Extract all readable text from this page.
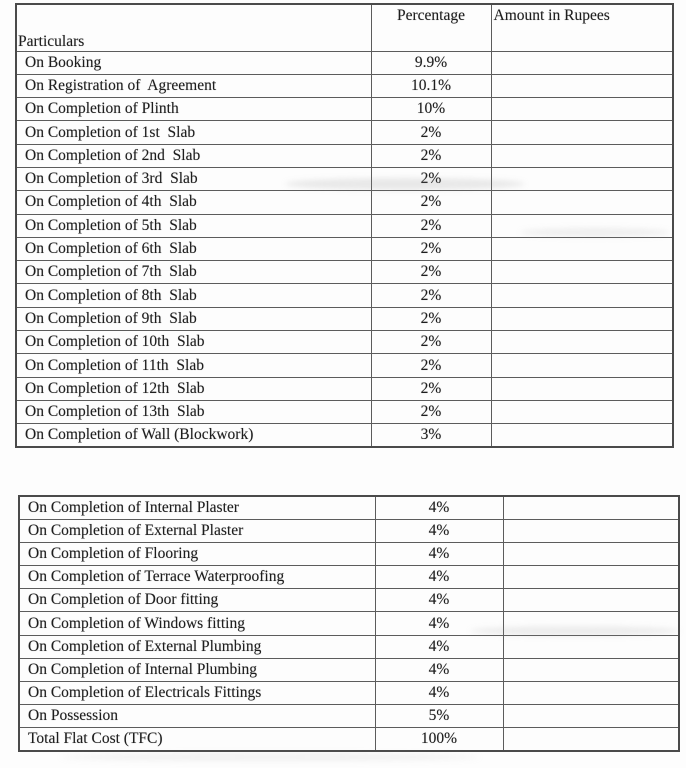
Particulars	Percentage	Amount in Rupees
On Booking	9.9%	
On Registration of  Agreement	10.1%	
On Completion of Plinth	10%	
On Completion of 1st  Slab	2%	
On Completion of 2nd  Slab	2%	
On Completion of 3rd  Slab	2%	
On Completion of 4th  Slab	2%	
On Completion of 5th  Slab	2%	
On Completion of 6th  Slab	2%	
On Completion of 7th  Slab	2%	
On Completion of 8th  Slab	2%	
On Completion of 9th  Slab	2%	
On Completion of 10th  Slab	2%	
On Completion of 11th  Slab	2%	
On Completion of 12th  Slab	2%	
On Completion of 13th  Slab	2%	
On Completion of Wall (Blockwork)	3%	
On Completion of Internal Plaster	4%	
On Completion of External Plaster	4%	
On Completion of Flooring	4%	
On Completion of Terrace Waterproofing	4%	
On Completion of Door fitting	4%	
On Completion of Windows fitting	4%	
On Completion of External Plumbing	4%	
On Completion of Internal Plumbing	4%	
On Completion of Electricals Fittings	4%	
On Possession	5%	
Total Flat Cost (TFC)	100%	
